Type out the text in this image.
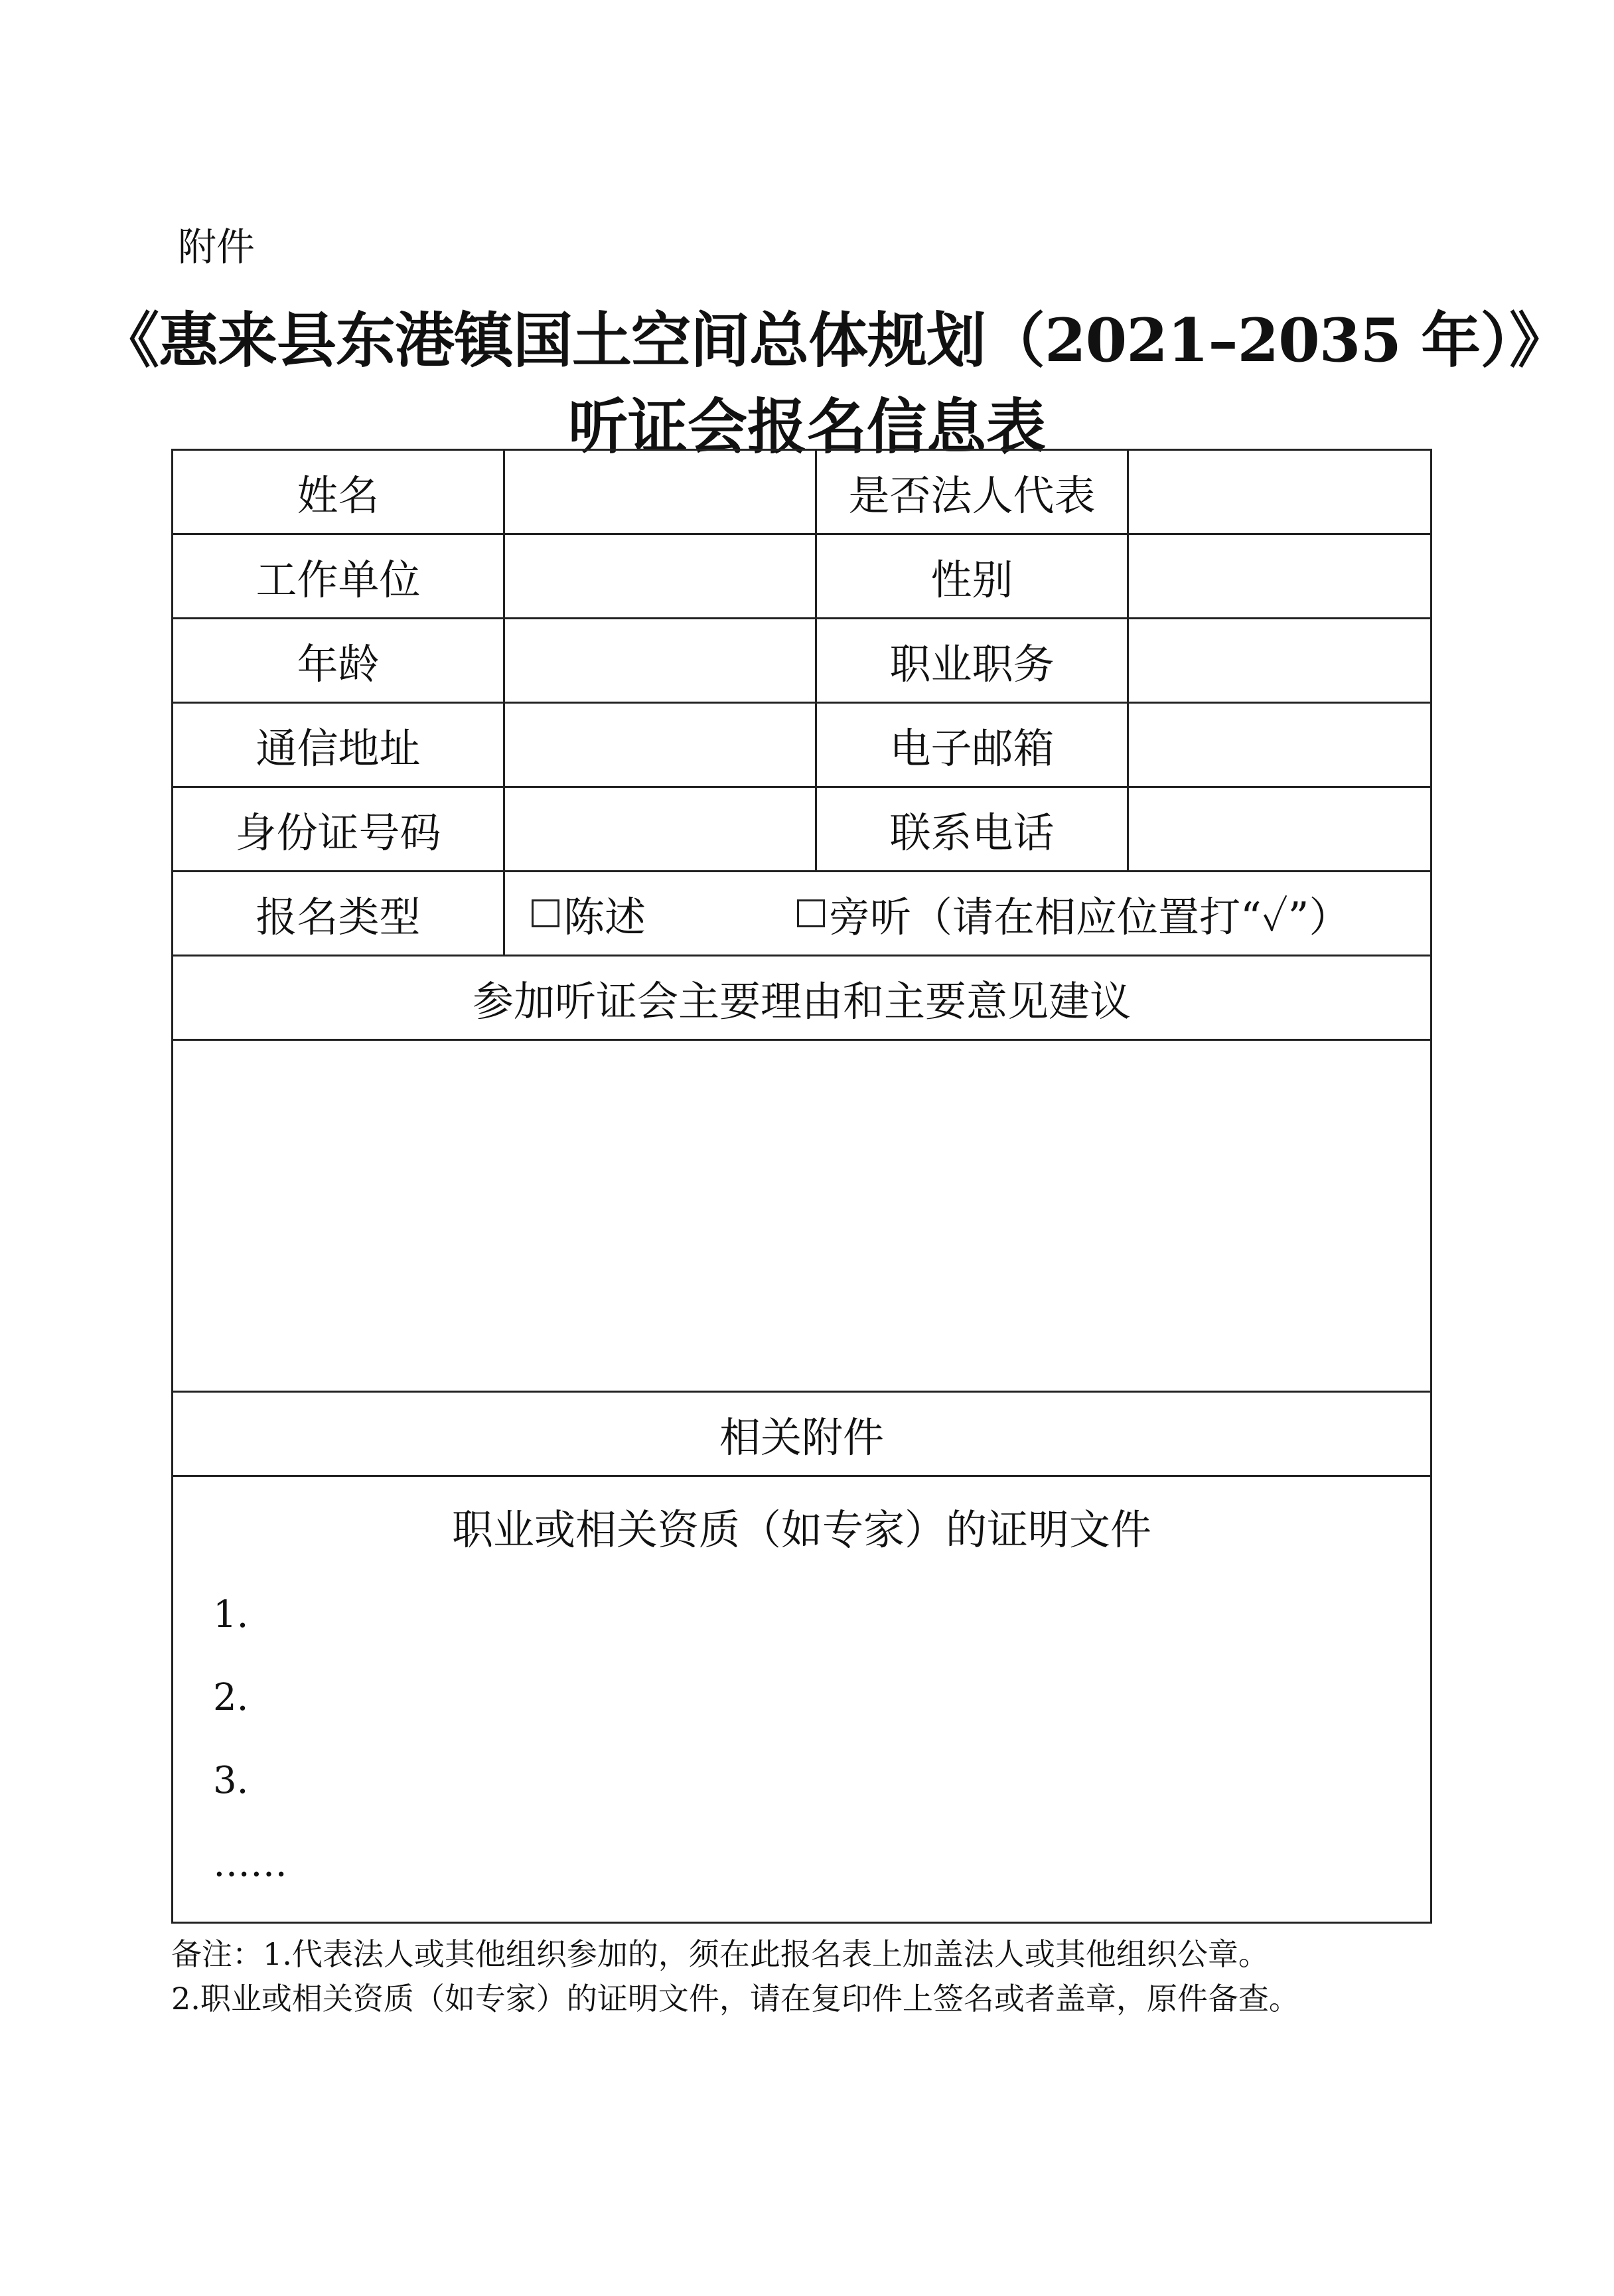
附件
《惠来县东港镇国土空间总体规划（2021–2035 年）》
听证会报名信息表
姓名	是否法人代表
工作单位	性别
年龄	职业职务
通信地址	电子邮箱
身份证号码	联系电话
报名类型	陈述	旁听（请在相应位置打“✓”）
参加听证会主要理由和主要意见建议
相关附件
职业或相关资质（如专家）的证明文件
1.
2.
3.
……
备注：1.代表法人或其他组织参加的，须在此报名表上加盖法人或其他组织公章。
2.职业或相关资质（如专家）的证明文件，请在复印件上签名或者盖章，原件备查。
